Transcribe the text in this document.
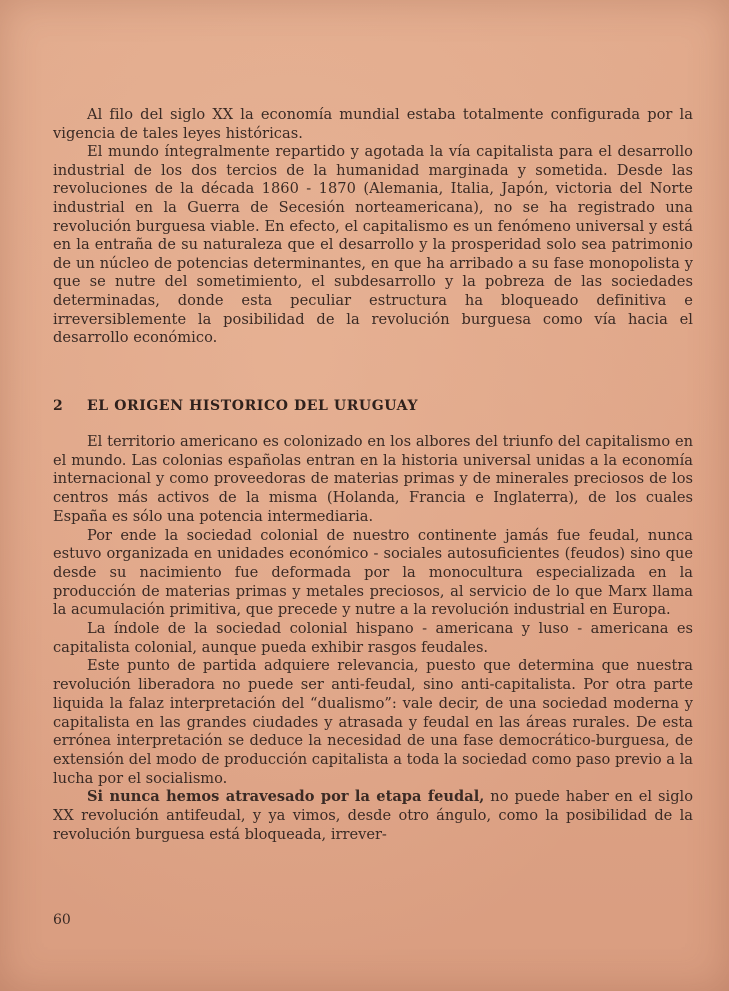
Al filo del siglo XX la economía mundial estaba totalmente configurada por la vigencia de tales leyes históricas.

El mundo íntegralmente repartido y agotada la vía capitalista para el desarrollo industrial de los dos tercios de la humanidad marginada y sometida. Desde las revoluciones de la década 1860 - 1870 (Alemania, Italia, Japón, victoria del Norte industrial en la Guerra de Secesión norteamericana), no se ha registrado una revolución burguesa viable. En efecto, el capitalismo es un fenómeno universal y está en la entraña de su naturaleza que el desarrollo y la prosperidad solo sea patrimonio de un núcleo de potencias determinantes, en que ha arribado a su fase monopolista y que se nutre del sometimiento, el subdesarrollo y la pobreza de las sociedades determinadas, donde esta peculiar estructura ha bloqueado definitiva e irreversiblemente la posibilidad de la revolución burguesa como vía hacia el desarrollo económico.

2 EL ORIGEN HISTORICO DEL URUGUAY

El territorio americano es colonizado en los albores del triunfo del capitalismo en el mundo. Las colonias españolas entran en la historia universal unidas a la economía internacional y como proveedoras de materias primas y de minerales preciosos de los centros más activos de la misma (Holanda, Francia e Inglaterra), de los cuales España es sólo una potencia intermediaria.

Por ende la sociedad colonial de nuestro continente jamás fue feudal, nunca estuvo organizada en unidades económico - sociales autosuficientes (feudos) sino que desde su nacimiento fue deformada por la monocultura especializada en la producción de materias primas y metales preciosos, al servicio de lo que Marx llama la acumulación primitiva, que precede y nutre a la revolución industrial en Europa.

La índole de la sociedad colonial hispano - americana y luso - americana es capitalista colonial, aunque pueda exhibir rasgos feudales.

Este punto de partida adquiere relevancia, puesto que determina que nuestra revolución liberadora no puede ser anti-feudal, sino anti-capitalista. Por otra parte liquida la falaz interpretación del “dualismo”: vale decir, de una sociedad moderna y capitalista en las grandes ciudades y atrasada y feudal en las áreas rurales. De esta errónea interpretación se deduce la necesidad de una fase democrático-burguesa, de extensión del modo de producción capitalista a toda la sociedad como paso previo a la lucha por el socialismo.

Si nunca hemos atravesado por la etapa feudal, no puede haber en el siglo XX revolución antifeudal, y ya vimos, desde otro ángulo, como la posibilidad de la revolución burguesa está bloqueada, irrever-

60
